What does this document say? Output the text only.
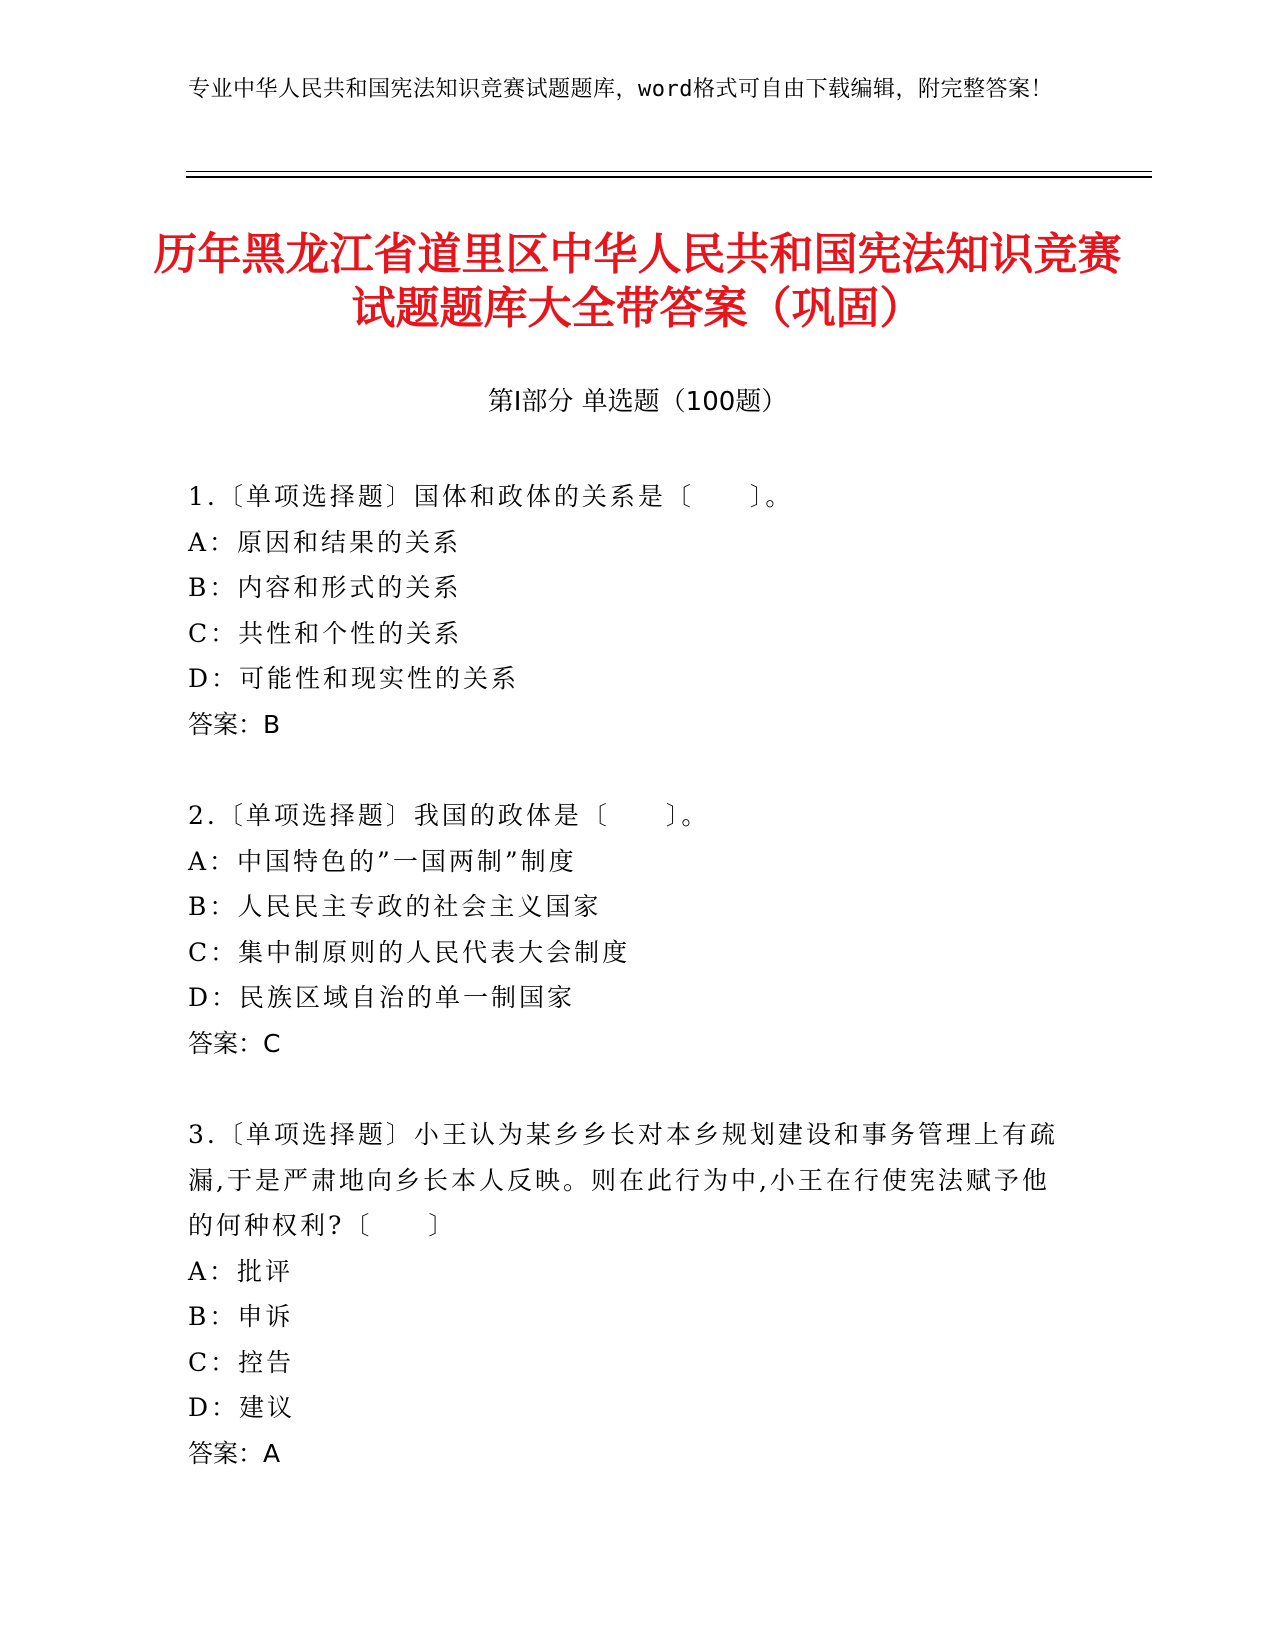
专业中华人民共和国宪法知识竞赛试题题库，word格式可自由下载编辑，附完整答案！
历年黑龙江省道里区中华人民共和国宪法知识竞赛试题题库大全带答案（巩固）
第Ⅰ部分 单选题（100题）
1.〔单项选择题〕国体和政体的关系是〔　　〕。
A：原因和结果的关系
B：内容和形式的关系
C：共性和个性的关系
D：可能性和现实性的关系
答案：B
2.〔单项选择题〕我国的政体是〔　　〕。
A：中国特色的”一国两制”制度
B：人民民主专政的社会主义国家
C：集中制原则的人民代表大会制度
D：民族区域自治的单一制国家
答案：C
3.〔单项选择题〕小王认为某乡乡长对本乡规划建设和事务管理上有疏漏,于是严肃地向乡长本人反映。则在此行为中,小王在行使宪法赋予他的何种权利?〔　　〕
A：批评
B：申诉
C：控告
D：建议
答案：A
